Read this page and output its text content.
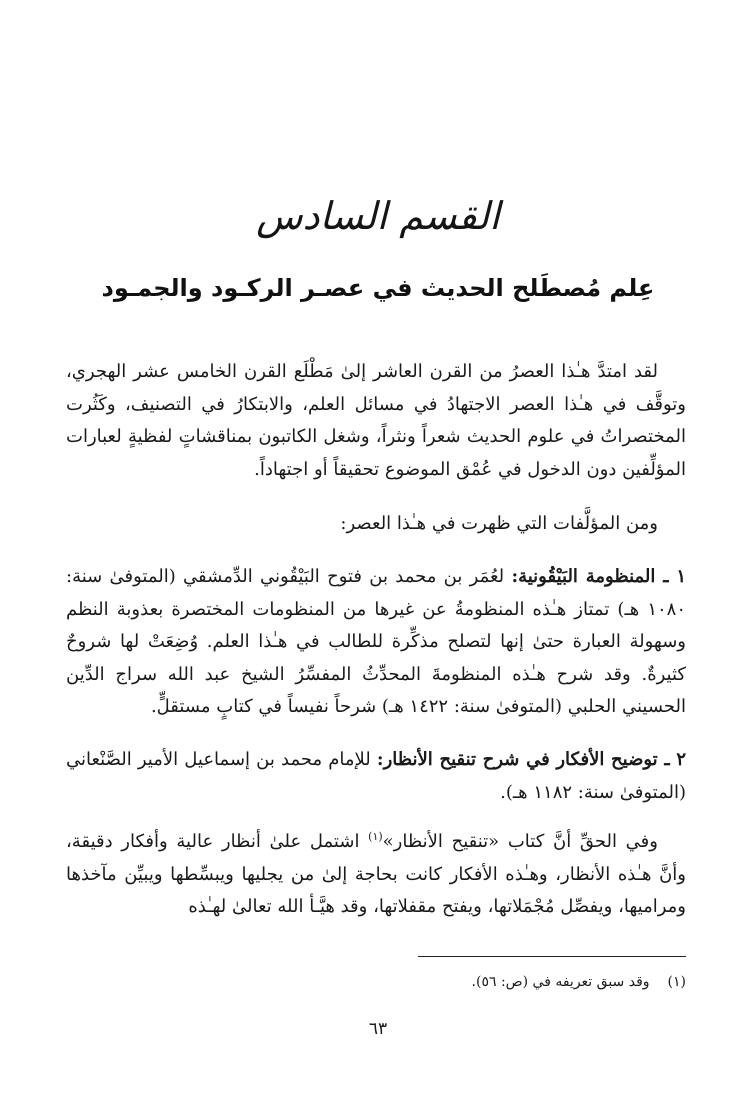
القسم السادس
عِلم مُصطَلح الحديث في عصـر الركـود والجمـود

لقد امتدَّ هـٰذا العصرُ من القرن العاشر إلىٰ مَطْلَع القرن الخامس عشر الهجري، وتوقَّف في هـٰذا العصر الاجتهادُ في مسائل العلم، والابتكارُ في التصنيف، وكَثُرت المختصراتُ في علوم الحديث شعراً ونثراً، وشغل الكاتبون بمناقشاتٍ لفظيةٍ لعبارات المؤلِّفين دون الدخول في عُمْق الموضوع تحقيقاً أو اجتهاداً.

ومن المؤلَّفات التي ظهرت في هـٰذا العصر:

١ ـ المنظومة البَيْقُونية: لعُمَر بن محمد بن فتوح البَيْقُوني الدِّمشقي (المتوفىٰ سنة: ١٠٨٠ هـ) تمتاز هـٰذه المنظومةُ عن غيرها من المنظومات المختصرة بعذوبة النظم وسهولة العبارة حتىٰ إنها لتصلح مذكِّرة للطالب في هـٰذا العلم. وُضِعَتْ لها شروحٌ كثيرةٌ. وقد شرح هـٰذه المنظومةَ المحدِّثُ المفسِّرُ الشيخ عبد الله سراج الدِّين الحسيني الحلبي (المتوفىٰ سنة: ١٤٢٢ هـ) شرحاً نفيساً في كتابٍ مستقلٍّ.

٢ ـ توضيح الأفكار في شرح تنقيح الأنظار: للإمام محمد بن إسماعيل الأمير الصَّنْعاني (المتوفىٰ سنة: ١١٨٢ هـ).

وفي الحقِّ أنَّ كتاب «تنقيح الأنظار»$^{(١)}$ اشتمل علىٰ أنظار عالية وأفكار دقيقة، وأنَّ هـٰذه الأنظار، وهـٰذه الأفكار كانت بحاجة إلىٰ من يجليها ويبسِّطها ويبيِّن مآخذها ومراميها، ويفصِّل مُجْمَلاتها، ويفتح مقفلاتها، وقد هيَّـأ الله تعالىٰ لهـٰذه

(١)وقد سبق تعريفه في (ص: ٥٦).
٦٣
